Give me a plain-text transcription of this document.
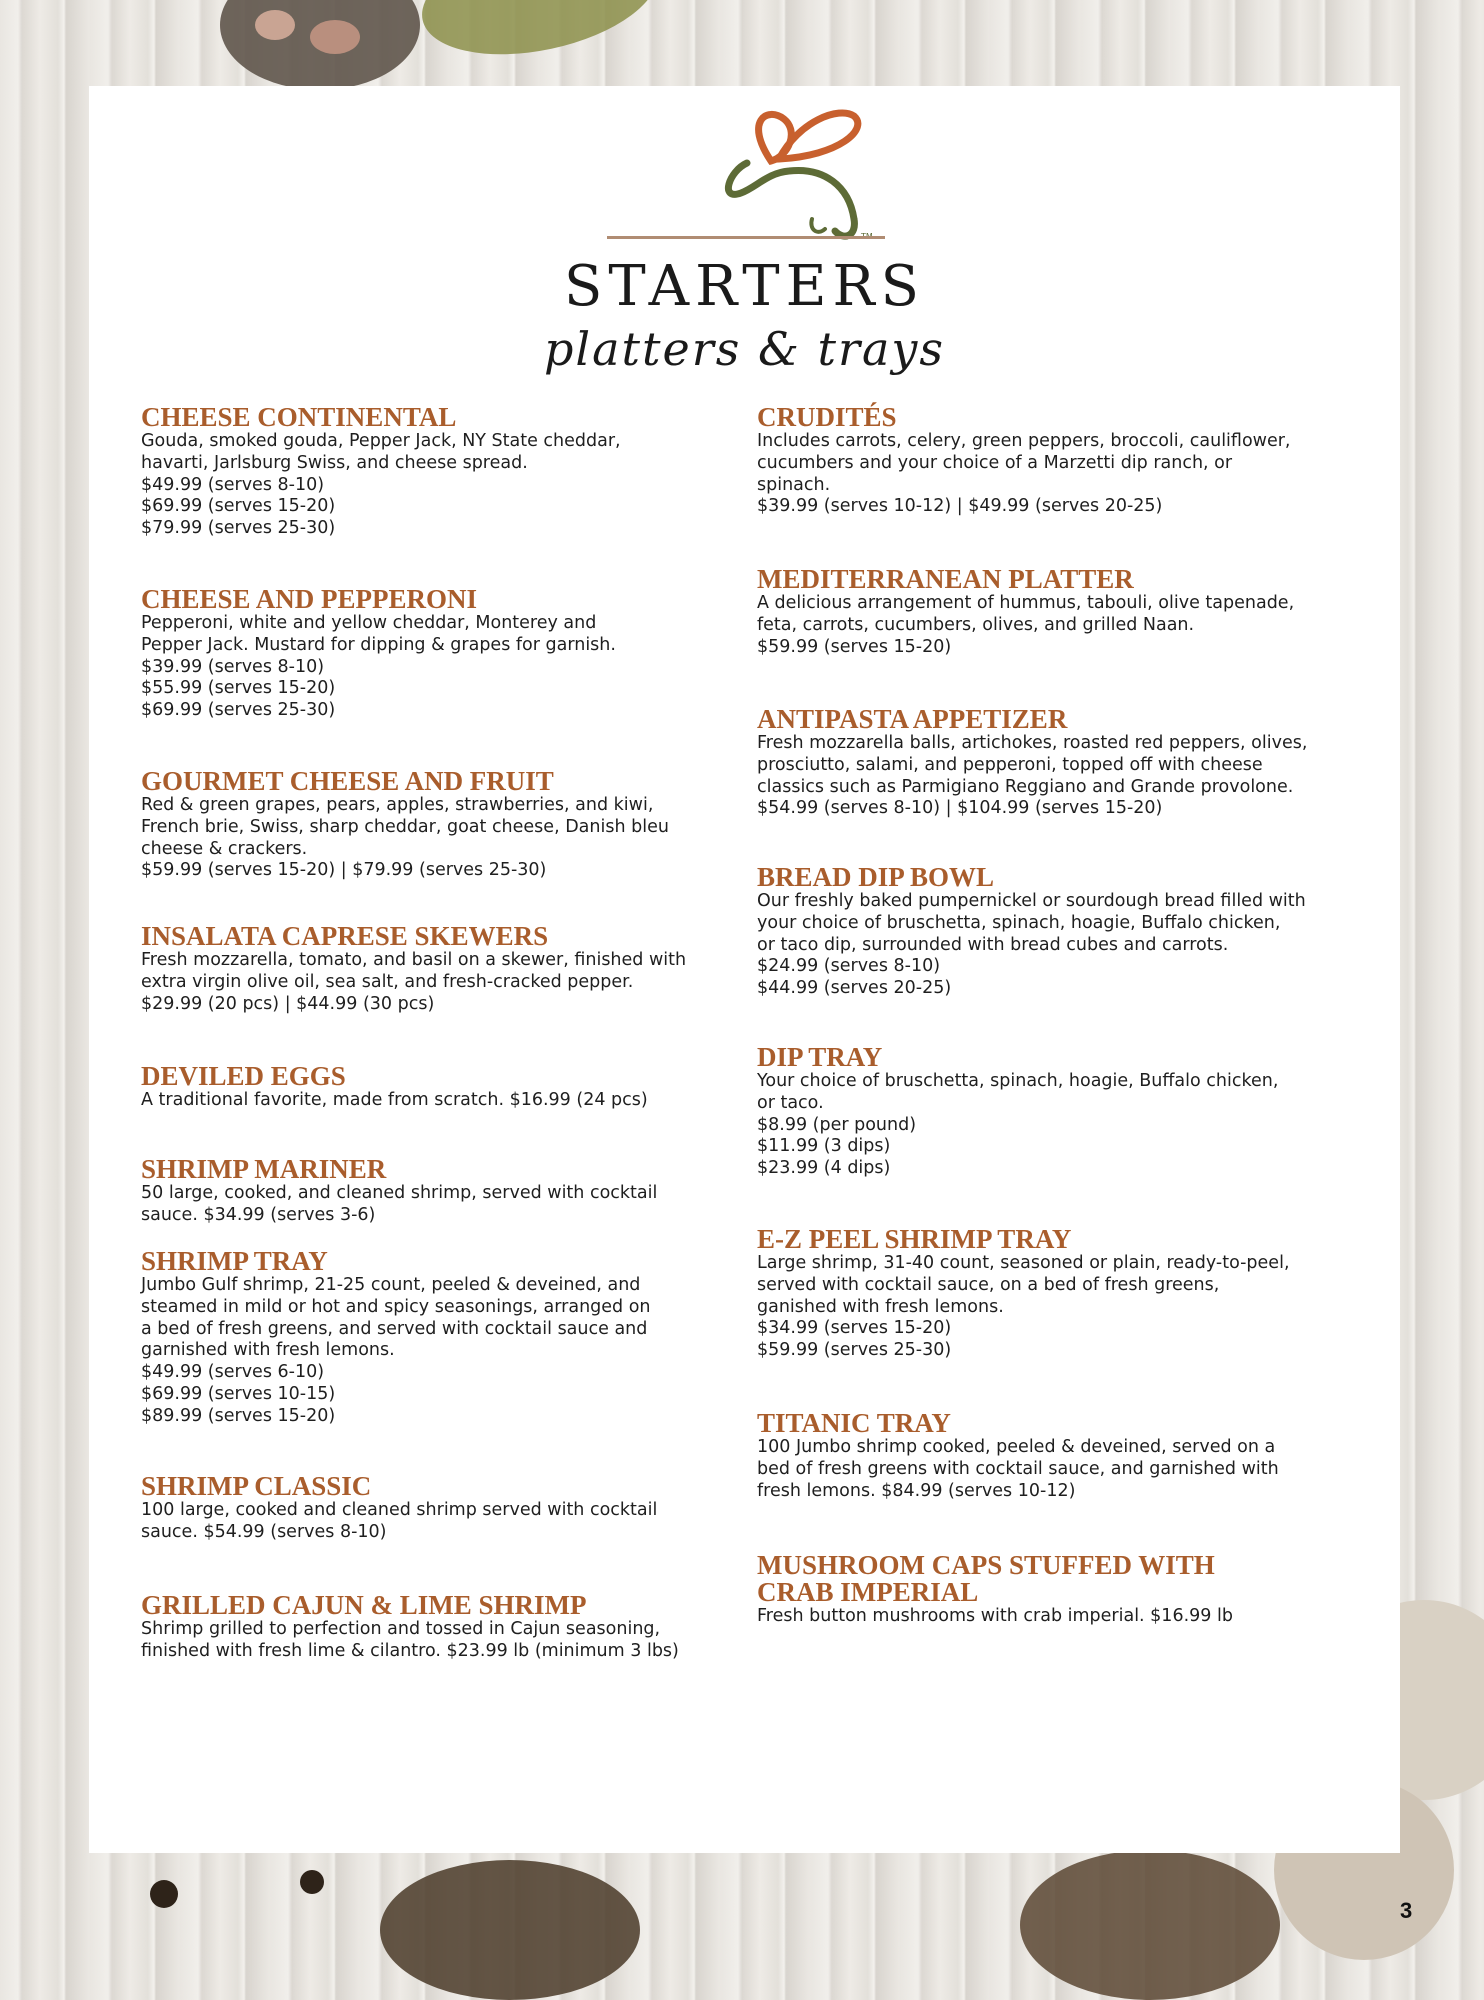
STARTERS
platters & trays
CHEESE CONTINENTAL

Gouda, smoked gouda, Pepper Jack, NY State cheddar,
havarti, Jarlsburg Swiss, and cheese spread.
$49.99 (serves 8-10)
$69.99 (serves 15-20)
$79.99 (serves 25-30)

CHEESE AND PEPPERONI

Pepperoni, white and yellow cheddar, Monterey and
Pepper Jack. Mustard for dipping & grapes for garnish.
$39.99 (serves 8-10)
$55.99 (serves 15-20)
$69.99 (serves 25-30)

GOURMET CHEESE AND FRUIT

Red & green grapes, pears, apples, strawberries, and kiwi,
French brie, Swiss, sharp cheddar, goat cheese, Danish bleu
cheese & crackers.
$59.99 (serves 15-20) | $79.99 (serves 25-30)

INSALATA CAPRESE SKEWERS

Fresh mozzarella, tomato, and basil on a skewer, finished with
extra virgin olive oil, sea salt, and fresh-cracked pepper.
$29.99 (20 pcs) | $44.99 (30 pcs)

DEVILED EGGS

A traditional favorite, made from scratch. $16.99 (24 pcs)

SHRIMP MARINER

50 large, cooked, and cleaned shrimp, served with cocktail
sauce. $34.99 (serves 3-6)

SHRIMP TRAY

Jumbo Gulf shrimp, 21-25 count, peeled & deveined, and
steamed in mild or hot and spicy seasonings, arranged on
a bed of fresh greens, and served with cocktail sauce and
garnished with fresh lemons.
$49.99 (serves 6-10)
$69.99 (serves 10-15)
$89.99 (serves 15-20)

SHRIMP CLASSIC

100 large, cooked and cleaned shrimp served with cocktail
sauce. $54.99 (serves 8-10)

GRILLED CAJUN & LIME SHRIMP

Shrimp grilled to perfection and tossed in Cajun seasoning,
finished with fresh lime & cilantro. $23.99 lb (minimum 3 lbs)

CRUDITÉS

Includes carrots, celery, green peppers, broccoli, cauliflower,
cucumbers and your choice of a Marzetti dip ranch, or
spinach.
$39.99 (serves 10-12) | $49.99 (serves 20-25)

MEDITERRANEAN PLATTER

A delicious arrangement of hummus, tabouli, olive tapenade,
feta, carrots, cucumbers, olives, and grilled Naan.
$59.99 (serves 15-20)

ANTIPASTA APPETIZER

Fresh mozzarella balls, artichokes, roasted red peppers, olives,
prosciutto, salami, and pepperoni, topped off with cheese
classics such as Parmigiano Reggiano and Grande provolone.
$54.99 (serves 8-10) | $104.99 (serves 15-20)

BREAD DIP BOWL

Our freshly baked pumpernickel or sourdough bread filled with
your choice of bruschetta, spinach, hoagie, Buffalo chicken,
or taco dip, surrounded with bread cubes and carrots.
$24.99 (serves 8-10)
$44.99 (serves 20-25)

DIP TRAY

Your choice of bruschetta, spinach, hoagie, Buffalo chicken,
or taco.
$8.99 (per pound)
$11.99 (3 dips)
$23.99 (4 dips)

E-Z PEEL SHRIMP TRAY

Large shrimp, 31-40 count, seasoned or plain, ready-to-peel,
served with cocktail sauce, on a bed of fresh greens,
ganished with fresh lemons.
$34.99 (serves 15-20)
$59.99 (serves 25-30)

TITANIC TRAY

100 Jumbo shrimp cooked, peeled & deveined, served on a
bed of fresh greens with cocktail sauce, and garnished with
fresh lemons. $84.99 (serves 10-12)

MUSHROOM CAPS STUFFED WITH
CRAB IMPERIAL

Fresh button mushrooms with crab imperial. $16.99 lb

3
